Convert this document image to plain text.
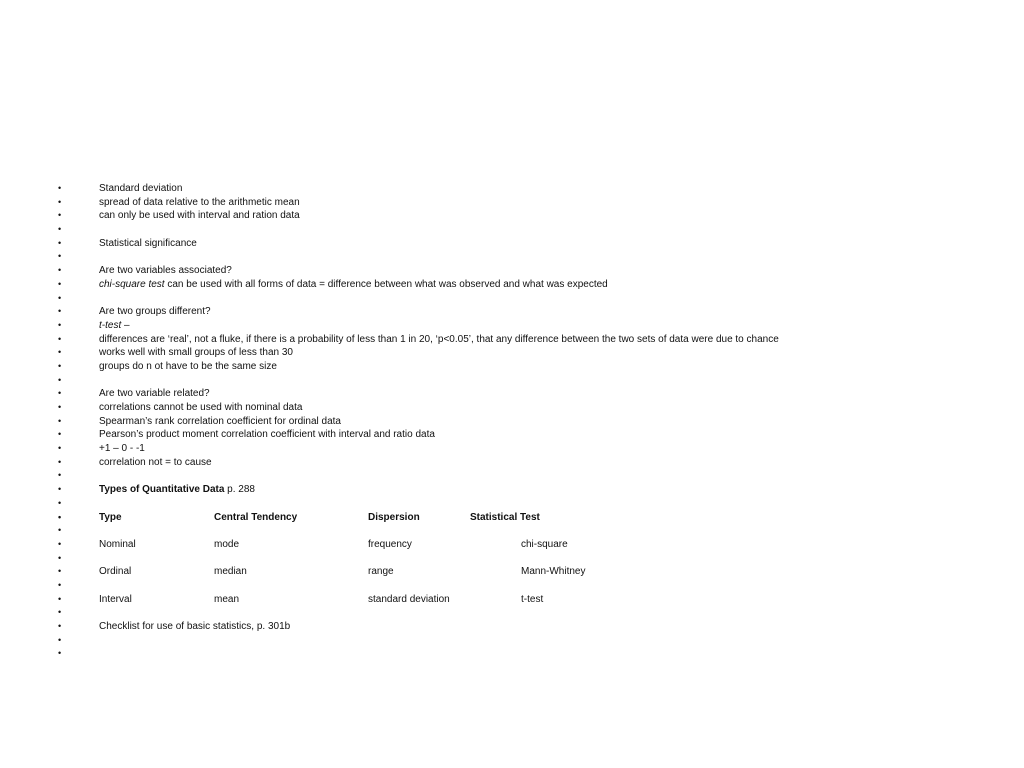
•	Standard deviation
•	spread of data relative to the arithmetic mean
•	can only be used with interval and ration data
•
•	Statistical significance
•
•	Are two variables associated?
•	chi-square test can be used with all forms of data = difference between what was observed and what was expected
•
•	Are two groups different?
•	t-test –
•	differences are ‘real’, not a fluke, if there is a probability of less than 1 in 20, ‘p<0.05’, that any difference between the two sets of data were due to chance
•	works well with small groups of less than 30
•	groups do n ot have to be the same size
•
•	Are two variable related?
•	correlations cannot be used with nominal data
•	Spearman’s rank correlation coefficient for ordinal data
•	Pearson’s product moment correlation coefficient with interval and ratio data
•	+1 – 0 - -1
•	correlation not = to cause
•
•	Types of Quantitative Data p. 288
•
•	Type	Central Tendency	Dispersion	Statistical Test
•
•	Nominal	mode	frequency	chi-square
•
•	Ordinal	median	range	Mann-Whitney
•
•	Interval	mean	standard deviation	t-test
•
•	Checklist for use of basic statistics, p. 301b
•
•
